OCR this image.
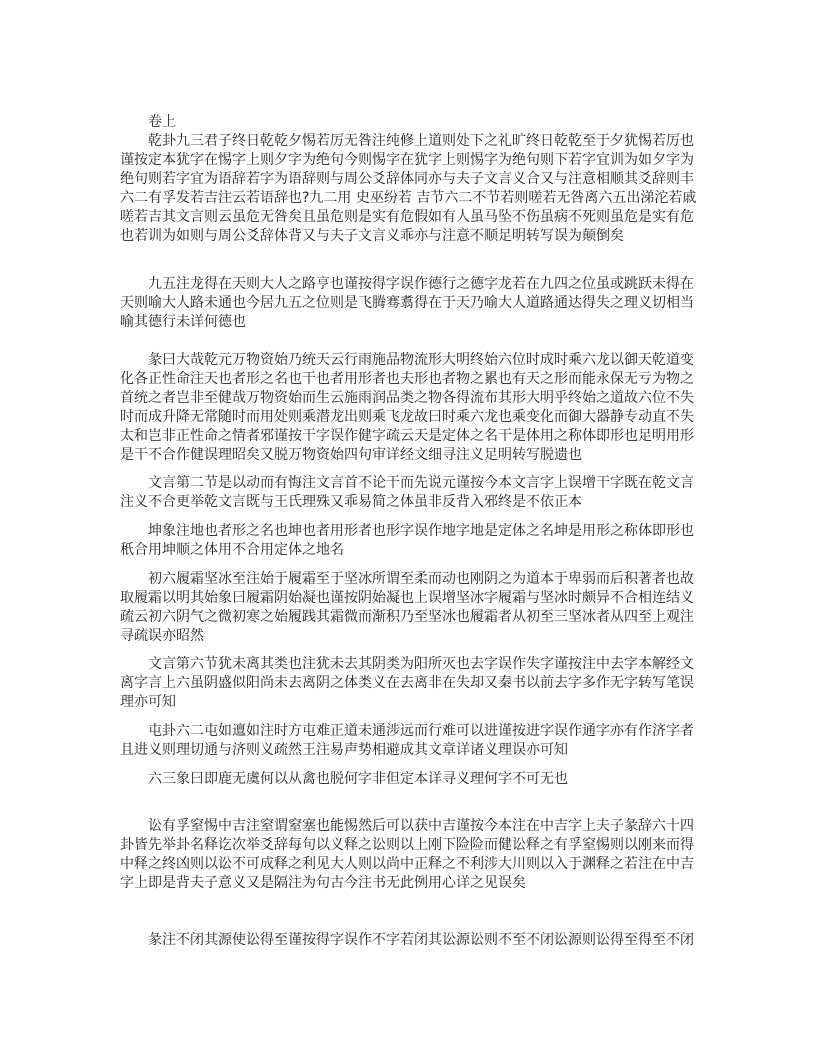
卷上
乾卦九三君子终日乾乾夕惕若厉无咎注纯修上道则处下之礼旷终日乾乾至于夕犹惕若厉也
谨按定本犹字在惕字上则夕字为绝句今则惕字在犹字上则惕字为绝句则下若字宜训为如夕字为
绝句则若字宜为语辞若字为语辞则与周公爻辞体同亦与夫子文言义合又与注意相顺其爻辞则丰
六二有孚发若吉注云若语辞也?九二用 史巫纷若 吉节六二不节若则嗟若无咎离六五出涕沱若戚
嗟若吉其文言则云虽危无咎矣且虽危则是实有危假如有人虽马坠不伤虽病不死则虽危是实有危
也若训为如则与周公爻辞体背又与夫子文言义乖亦与注意不顺足明转写误为颠倒矣
九五注龙得在天则大人之路亨也谨按得字误作德行之德字龙若在九四之位虽或跳跃未得在
天则喻大人路未通也今居九五之位则是飞腾骞翥得在于天乃喻大人道路通达得失之理义切相当
喻其德行未详何德也
彖曰大哉乾元万物资始乃统天云行雨施品物流形大明终始六位时成时乘六龙以御天乾道变
化各正性命注天也者形之名也干也者用形者也夫形也者物之累也有天之形而能永保无亏为物之
首统之者岂非至健哉万物资始而生云施雨润品类之物各得流布其形大明乎终始之道故六位不失
时而成升降无常随时而用处则乘潜龙出则乘飞龙故曰时乘六龙也乘变化而御大器静专动直不失
太和岂非正性命之情者邪谨按干字误作健字疏云天是定体之名干是体用之称体即形也足明用形
是干不合作健误理昭矣又脱万物资始四句审详经文细寻注义足明转写脱遗也
文言第二节是以动而有悔注文言首不论干而先说元谨按今本文言字上误增干字既在乾文言
注义不合更举乾文言既与王氏理殊又乖易简之体虽非反背入邪终是不依正本
坤象注地也者形之名也坤也者用形者也形字误作地字地是定体之名坤是用形之称体即形也
秖合用坤顺之体用不合用定体之地名
初六履霜坚冰至注始于履霜至于坚冰所谓至柔而动也刚阴之为道本于卑弱而后积著者也故
取履霜以明其始象曰履霜阴始凝也谨按阴始凝也上误增坚冰字履霜与坚冰时颇异不合相连结义
疏云初六阴气之微初寒之始履践其霜微而渐积乃至坚冰也履霜者从初至三坚冰者从四至上观注
寻疏误亦昭然
文言第六节犹未离其类也注犹未去其阴类为阳所灭也去字误作失字谨按注中去字本解经文
离字言上六虽阴盛似阳尚未去离阴之体类义在去离非在失却又秦书以前去字多作无字转写笔误
理亦可知
屯卦六二屯如邅如注时方屯难正道未通涉远而行难可以进谨按进字误作通字亦有作济字者
且进义则理切通与济则义疏然王注易声势相避成其文章详诸义理误亦可知
六三象曰即鹿无虞何以从禽也脱何字非但定本详寻义理何字不可无也
讼有孚窒惕中吉注窒谓窒塞也能惕然后可以获中吉谨按今本注在中吉字上夫子彖辞六十四
卦皆先举卦名释讫次举爻辞每句以义释之讼则以上刚下险险而健讼释之有孚窒惕则以刚来而得
中释之终凶则以讼不可成释之利见大人则以尚中正释之不利涉大川则以入于渊释之若注在中吉
字上即是背夫子意义又是隔注为句古今注书无此例用心详之见误矣
彖注不闭其源使讼得至谨按得字误作不字若闭其讼源讼则不至不闭讼源则讼得至得至不闭
